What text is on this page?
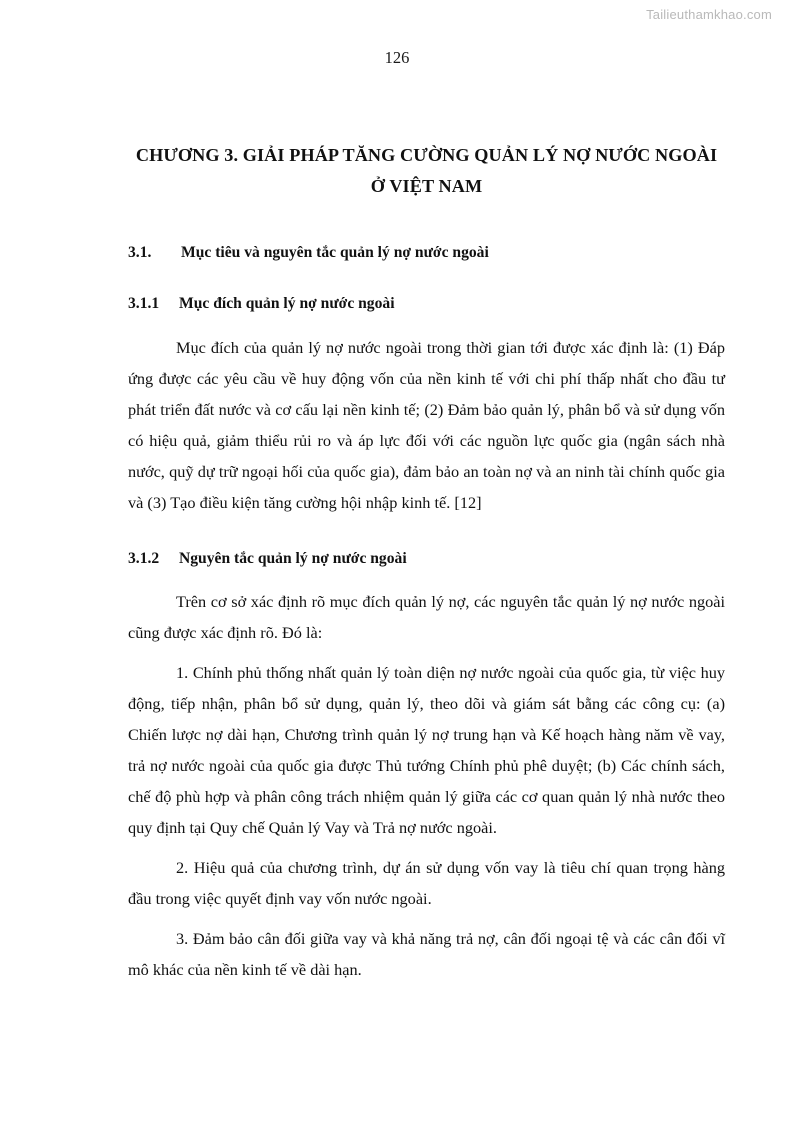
Tailieuthamkhao.com
126
CHƯƠNG 3. GIẢI PHÁP TĂNG CƯỜNG QUẢN LÝ NỢ NƯỚC NGOÀI
Ở VIỆT NAM
3.1.	Mục tiêu và nguyên tắc quản lý nợ nước ngoài
3.1.1	Mục đích quản lý nợ nước ngoài

Mục đích của quản lý nợ nước ngoài trong thời gian tới được xác định là: (1) Đáp ứng được các yêu cầu về huy động vốn của nền kinh tế với chi phí thấp nhất cho đầu tư phát triển đất nước và cơ cấu lại nền kinh tế; (2) Đảm bảo quản lý, phân bổ và sử dụng vốn có hiệu quả, giảm thiểu rủi ro và áp lực đối với các nguồn lực quốc gia (ngân sách nhà nước, quỹ dự trữ ngoại hối của quốc gia), đảm bảo an toàn nợ và an ninh tài chính quốc gia và (3) Tạo điều kiện tăng cường hội nhập kinh tế. [12]

3.1.2	Nguyên tắc quản lý nợ nước ngoài

Trên cơ sở xác định rõ mục đích quản lý nợ, các nguyên tắc quản lý nợ nước ngoài cũng được xác định rõ. Đó là:

1. Chính phủ thống nhất quản lý toàn diện nợ nước ngoài của quốc gia, từ việc huy động, tiếp nhận, phân bổ sử dụng, quản lý, theo dõi và giám sát bằng các công cụ: (a) Chiến lược nợ dài hạn, Chương trình quản lý nợ trung hạn và Kế hoạch hàng năm về vay, trả nợ nước ngoài của quốc gia được Thủ tướng Chính phủ phê duyệt; (b) Các chính sách, chế độ phù hợp và phân công trách nhiệm quản lý giữa các cơ quan quản lý nhà nước theo quy định tại Quy chế Quản lý Vay và Trả nợ nước ngoài.

2. Hiệu quả của chương trình, dự án sử dụng vốn vay là tiêu chí quan trọng hàng đầu trong việc quyết định vay vốn nước ngoài.

3. Đảm bảo cân đối giữa vay và khả năng trả nợ, cân đối ngoại tệ và các cân đối vĩ mô khác của nền kinh tế về dài hạn.
